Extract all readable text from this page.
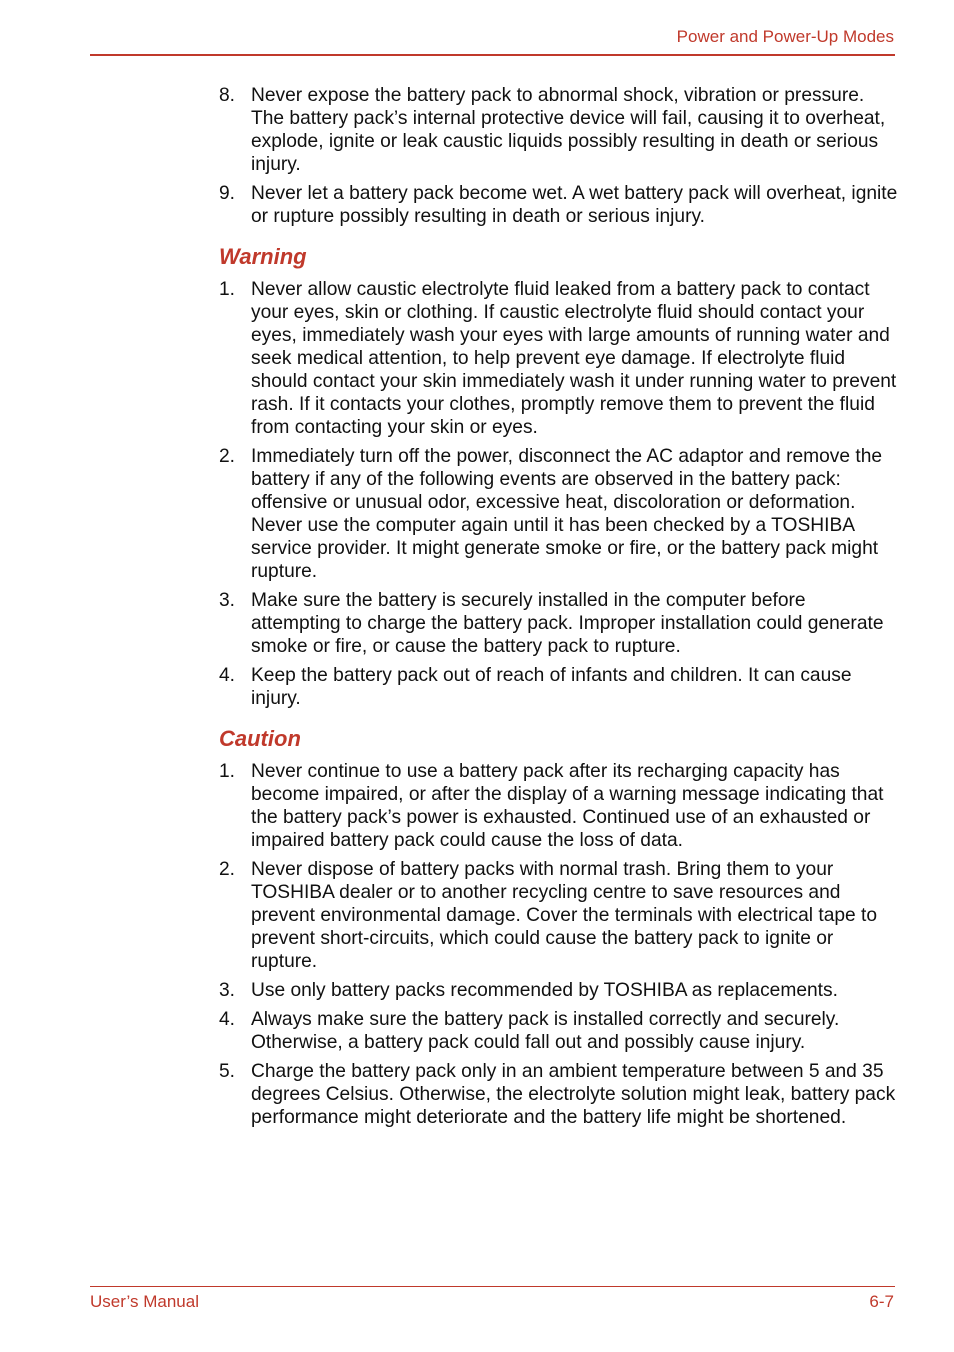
Power and Power-Up Modes
8. Never expose the battery pack to abnormal shock, vibration or pressure. The battery pack’s internal protective device will fail, causing it to overheat, explode, ignite or leak caustic liquids possibly resulting in death or serious injury.
9. Never let a battery pack become wet. A wet battery pack will overheat, ignite or rupture possibly resulting in death or serious injury.
Warning
1. Never allow caustic electrolyte fluid leaked from a battery pack to contact your eyes, skin or clothing. If caustic electrolyte fluid should contact your eyes, immediately wash your eyes with large amounts of running water and seek medical attention, to help prevent eye damage. If electrolyte fluid should contact your skin immediately wash it under running water to prevent rash. If it contacts your clothes, promptly remove them to prevent the fluid from contacting your skin or eyes.
2. Immediately turn off the power, disconnect the AC adaptor and remove the battery if any of the following events are observed in the battery pack: offensive or unusual odor, excessive heat, discoloration or deformation. Never use the computer again until it has been checked by a TOSHIBA service provider. It might generate smoke or fire, or the battery pack might rupture.
3. Make sure the battery is securely installed in the computer before attempting to charge the battery pack. Improper installation could generate smoke or fire, or cause the battery pack to rupture.
4. Keep the battery pack out of reach of infants and children. It can cause injury.
Caution
1. Never continue to use a battery pack after its recharging capacity has become impaired, or after the display of a warning message indicating that the battery pack’s power is exhausted. Continued use of an exhausted or impaired battery pack could cause the loss of data.
2. Never dispose of battery packs with normal trash. Bring them to your TOSHIBA dealer or to another recycling centre to save resources and prevent environmental damage. Cover the terminals with electrical tape to prevent short-circuits, which could cause the battery pack to ignite or rupture.
3. Use only battery packs recommended by TOSHIBA as replacements.
4. Always make sure the battery pack is installed correctly and securely. Otherwise, a battery pack could fall out and possibly cause injury.
5. Charge the battery pack only in an ambient temperature between 5 and 35 degrees Celsius. Otherwise, the electrolyte solution might leak, battery pack performance might deteriorate and the battery life might be shortened.
User’s Manual	6-7
